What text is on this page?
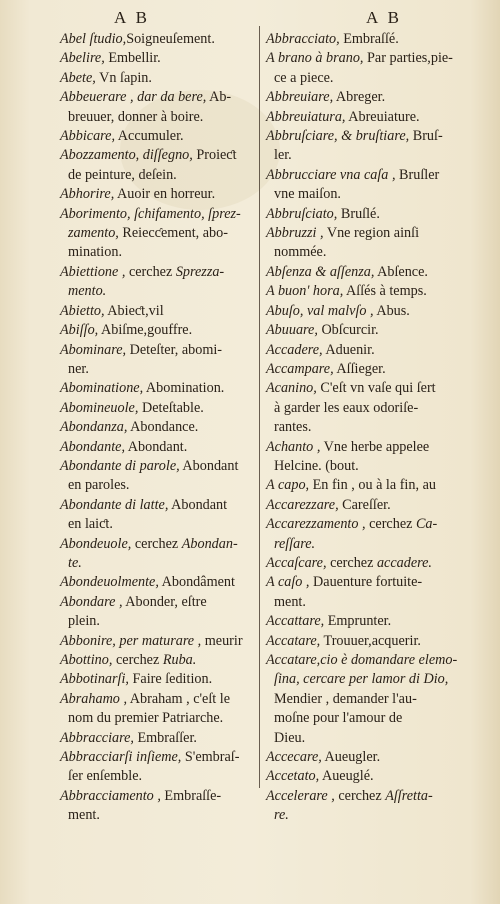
A B	A B
Abel ſtudio,Soigneuſement.
Abelire, Embellir.
Abete, Vn ſapin.
Abbeuerare , dar da bere, Ab-
breuuer, donner à boire.
Abbicare, Accumuler.
Abozzamento, diſſegno, Proieƈt
de peinture, deſein.
Abhorire, Auoir en horreur.
Aborimento, ſchifamento, ſprez-
zamento, Reiecƈement, abo-
mination.
Abiettione , cerchez Sprezza-
mento.
Abietto, Abieƈt,vil
Abiſſo, Abiſme,gouffre.
Abominare, Deteſter, abomi-
ner.
Abominatione, Abomination.
Abomineuole, Deteſtable.
Abondanza, Abondance.
Abondante, Abondant.
Abondante di parole, Abondant
en paroles.
Abondante di latte, Abondant
en laiƈt.
Abondeuole, cerchez Abondan-
te.
Abondeuolmente, Abondâment
Abondare , Abonder, eſtre
plein.
Abbonire, per maturare , meurir
Abottino, cerchez Ruba.
Abbotinarſi, Faire ſedition.
Abrahamo , Abraham , c'eſt le
nom du premier Patriarche.
Abbracciare, Embraſſer.
Abbracciarſi inſieme, S'embraſ-
ſer enſemble.
Abbracciamento , Embraſſe-
ment.
Abbracciato, Embraſſé.
A brano à brano, Par parties,pie-
ce a piece.
Abbreuiare, Abreger.
Abbreuiatura, Abreuiature.
Abbruſciare, & bruſtiare, Bruſ-
ler.
Abbrucciare vna caſa , Bruſler
vne maiſon.
Abbruſciato, Bruſlé.
Abbruzzi , Vne region ainſi
nommée.
Abſenza & aſſenza, Abſence.
A buon' hora, Aſſés à temps.
Abuſo, val malvſo , Abus.
Abuuare, Obſcurcir.
Accadere, Aduenir.
Accampare, Aſſieger.
Acanino, C'eſt vn vaſe qui ſert
à garder les eaux odoriſe-
rantes.
Achanto , Vne herbe appelee
Helcine. (bout.
A capo, En fin , ou à la fin, au
Accarezzare, Careſſer.
Accarezzamento , cerchez Ca-
reſſare.
Accaſcare, cerchez accadere.
A caſo , Dauenture fortuite-
ment.
Accattare, Emprunter.
Accatare, Trouuer,acquerir.
Accatare,cio è domandare elemo-
ſina, cercare per lamor di Dio,
Mendier , demander l'au-
moſne pour l'amour de
Dieu.
Accecare, Aueugler.
Accetato, Aueuglé.
Accelerare , cerchez Aſſretta-
re.
